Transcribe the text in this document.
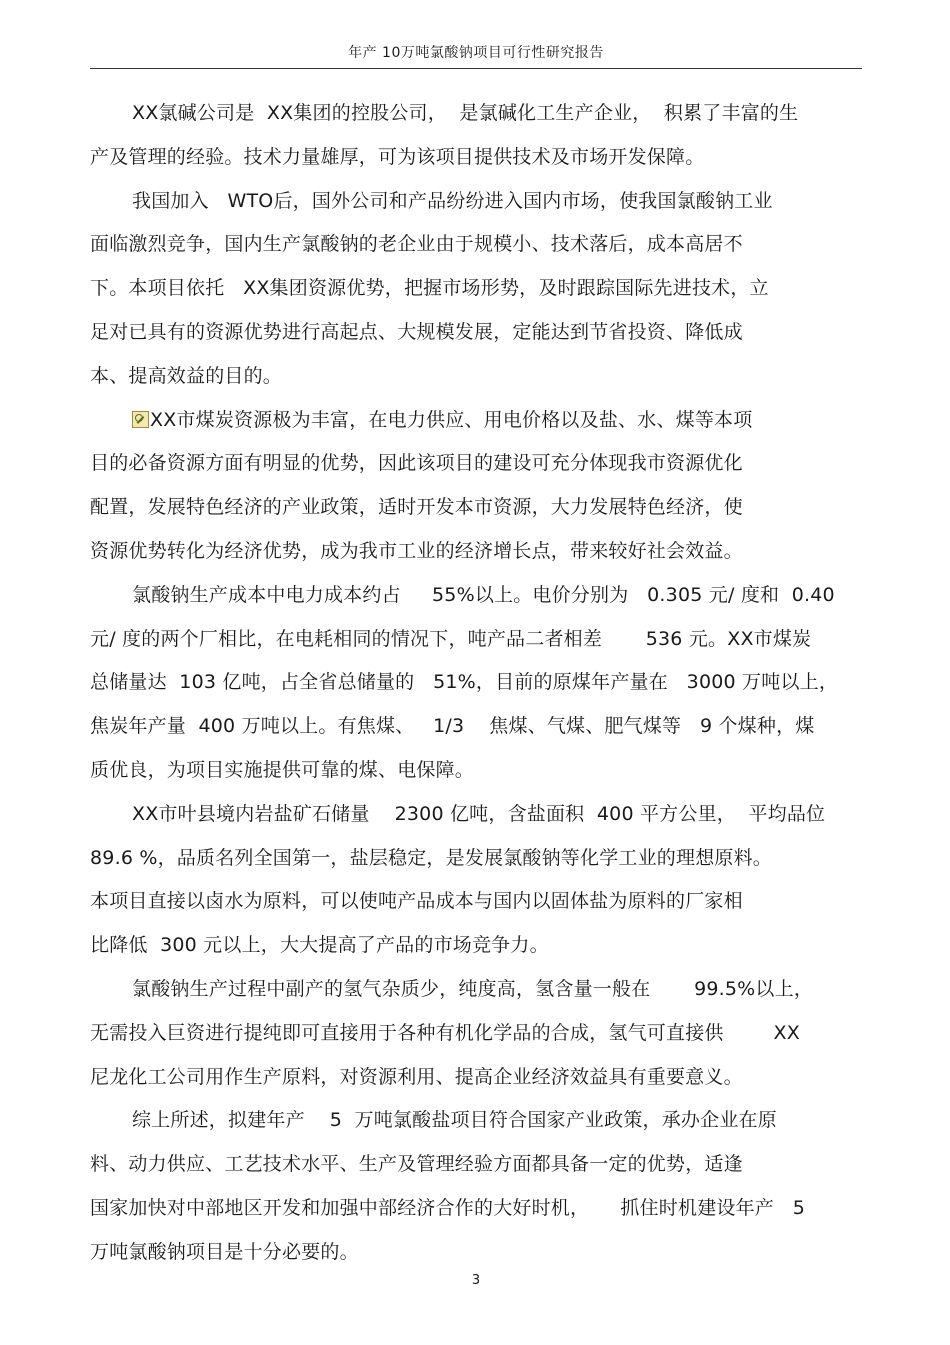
年产 10万吨氯酸钠项目可行性研究报告
XX氯碱公司是  XX集团的控股公司，  是氯碱化工生产企业，  积累了丰富的生
产及管理的经验。技术力量雄厚，可为该项目提供技术及市场开发保障。
我国加入   WTO后，国外公司和产品纷纷进入国内市场，使我国氯酸钠工业
面临激烈竞争，国内生产氯酸钠的老企业由于规模小、技术落后，成本高居不
下。本项目依托   XX集团资源优势，把握市场形势，及时跟踪国际先进技术，立
足对已具有的资源优势进行高起点、大规模发展，定能达到节省投资、降低成
本、提高效益的目的。
XX市煤炭资源极为丰富，在电力供应、用电价格以及盐、水、煤等本项
目的必备资源方面有明显的优势，因此该项目的建设可充分体现我市资源优化
配置，发展特色经济的产业政策，适时开发本市资源，大力发展特色经济，使
资源优势转化为经济优势，成为我市工业的经济增长点，带来较好社会效益。
氯酸钠生产成本中电力成本约占     55%以上。电价分别为   0.305 元/ 度和  0.40
元/ 度的两个厂相比，在电耗相同的情况下，吨产品二者相差       536 元。XX市煤炭
总储量达  103 亿吨，占全省总储量的   51%，目前的原煤年产量在   3000 万吨以上，
焦炭年产量  400 万吨以上。有焦煤、   1/3    焦煤、气煤、肥气煤等   9 个煤种，煤
质优良，为项目实施提供可靠的煤、电保障。
XX市叶县境内岩盐矿石储量    2300 亿吨，含盐面积  400 平方公里，  平均品位
89.6 %，品质名列全国第一，盐层稳定，是发展氯酸钠等化学工业的理想原料。
本项目直接以卤水为原料，可以使吨产品成本与国内以固体盐为原料的厂家相
比降低  300 元以上，大大提高了产品的市场竞争力。
氯酸钠生产过程中副产的氢气杂质少，纯度高，氢含量一般在       99.5%以上，
无需投入巨资进行提纯即可直接用于各种有机化学品的合成，氢气可直接供        XX
尼龙化工公司用作生产原料，对资源利用、提高企业经济效益具有重要意义。
综上所述，拟建年产    5  万吨氯酸盐项目符合国家产业政策，承办企业在原
料、动力供应、工艺技术水平、生产及管理经验方面都具备一定的优势，适逢
国家加快对中部地区开发和加强中部经济合作的大好时机，     抓住时机建设年产   5
万吨氯酸钠项目是十分必要的。
3
